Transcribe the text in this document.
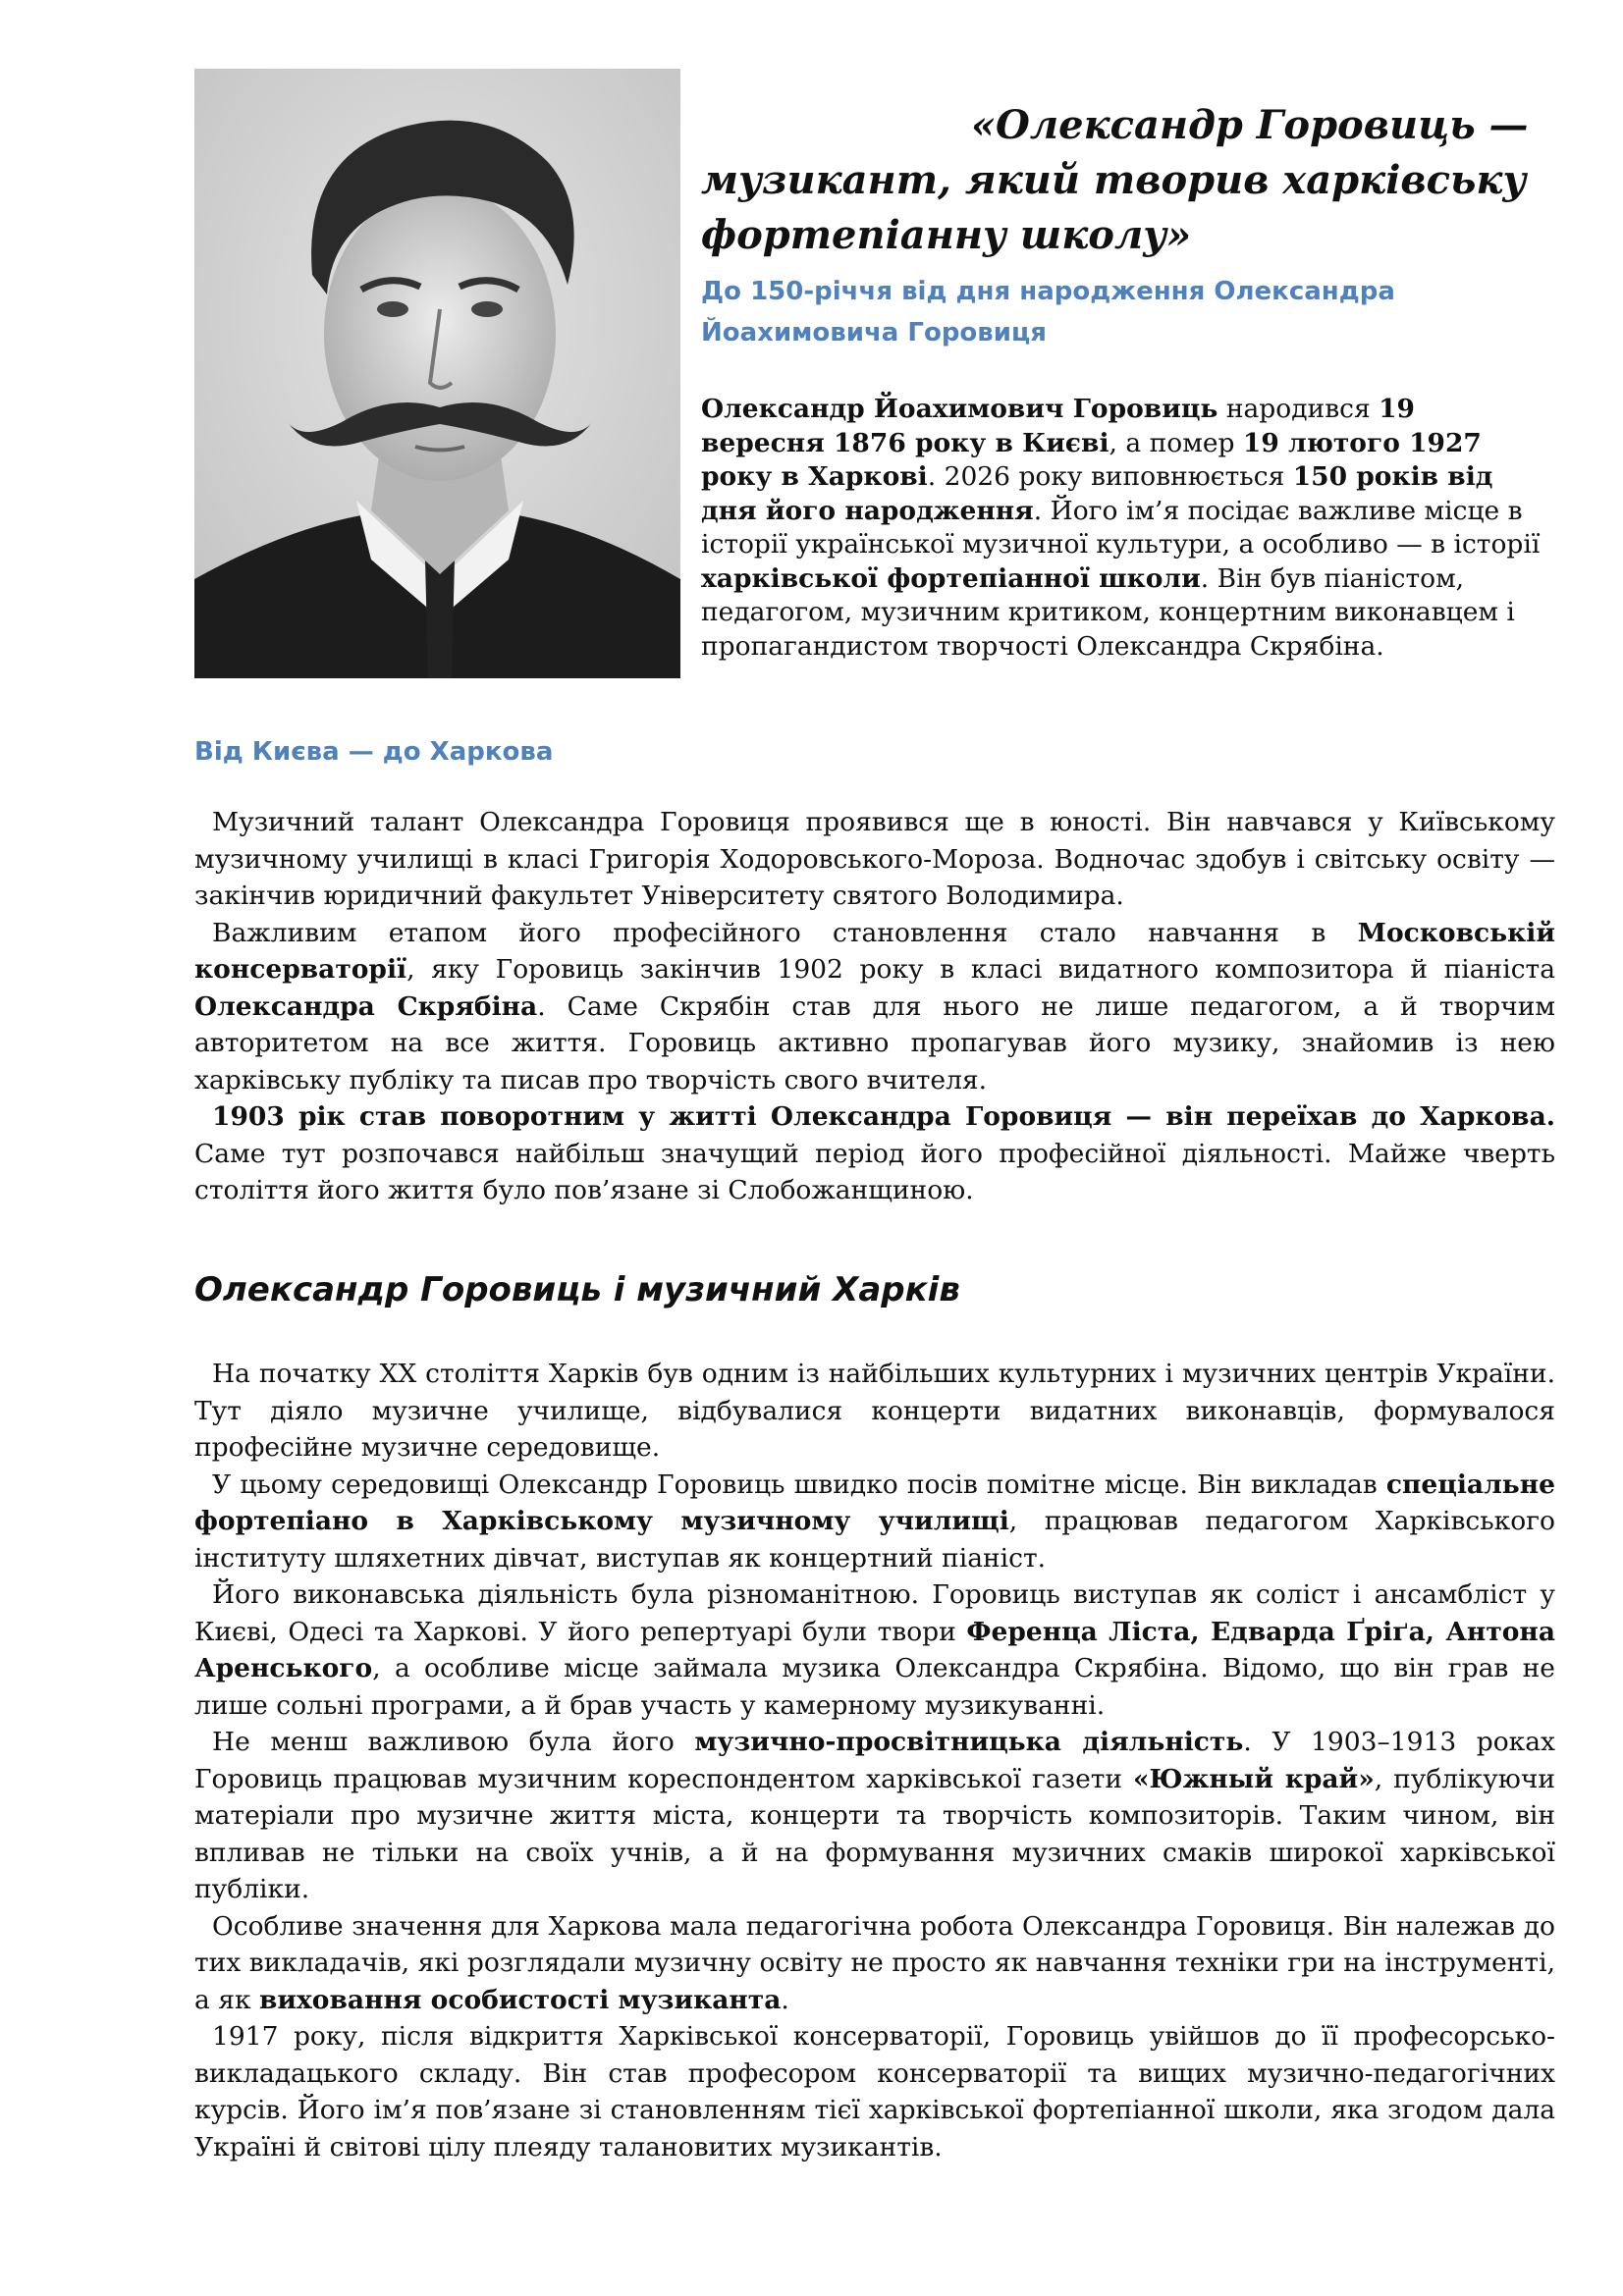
«Олександр Горовиць —
музикант, який творив харківську
фортепіанну школу»
До 150-річчя від дня народження Олександра
Йоахимовича Горовиця
Олександр Йоахимович Горовиць народився 19 вересня 1876 року в Києві, а помер 19 лютого 1927 року в Харкові. 2026 року виповнюється 150 років від дня його народження. Його ім’я посідає важливе місце в історії української музичної культури, а особливо — в історії харківської фортепіанної школи. Він був піаністом, педагогом, музичним критиком, концертним виконавцем і пропагандистом творчості Олександра Скрябіна.
Від Києва — до Харкова

Музичний талант Олександра Горовиця проявився ще в юності. Він навчався у Київському музичному училищі в класі Григорія Ходоровського-Мороза. Водночас здобув і світську освіту — закінчив юридичний факультет Університету святого Володимира.

Важливим етапом його професійного становлення стало навчання в Московській консерваторії, яку Горовиць закінчив 1902 року в класі видатного композитора й піаніста Олександра Скрябіна. Саме Скрябін став для нього не лише педагогом, а й творчим авторитетом на все життя. Горовиць активно пропагував його музику, знайомив із нею харківську публіку та писав про творчість свого вчителя.

1903 рік став поворотним у житті Олександра Горовиця — він переїхав до Харкова. Саме тут розпочався найбільш значущий період його професійної діяльності. Майже чверть століття його життя було пов’язане зі Слобожанщиною.

Олександр Горовиць і музичний Харків

На початку XX століття Харків був одним із найбільших культурних і музичних центрів України. Тут діяло музичне училище, відбувалися концерти видатних виконавців, формувалося професійне музичне середовище.

У цьому середовищі Олександр Горовиць швидко посів помітне місце. Він викладав спеціальне фортепіано в Харківському музичному училищі, працював педагогом Харківського інституту шляхетних дівчат, виступав як концертний піаніст.

Його виконавська діяльність була різноманітною. Горовиць виступав як соліст і ансамбліст у Києві, Одесі та Харкові. У його репертуарі були твори Ференца Ліста, Едварда Ґріґа, Антона Аренського, а особливе місце займала музика Олександра Скрябіна. Відомо, що він грав не лише сольні програми, а й брав участь у камерному музикуванні.

Не менш важливою була його музично-просвітницька діяльність. У 1903–1913 роках Горовиць працював музичним кореспондентом харківської газети «Южный край», публікуючи матеріали про музичне життя міста, концерти та творчість композиторів. Таким чином, він впливав не тільки на своїх учнів, а й на формування музичних смаків широкої харківської публіки.

Особливе значення для Харкова мала педагогічна робота Олександра Горовиця. Він належав до тих викладачів, які розглядали музичну освіту не просто як навчання техніки гри на інструменті, а як виховання особистості музиканта.

1917 року, після відкриття Харківської консерваторії, Горовиць увійшов до її професорсько-викладацького складу. Він став професором консерваторії та вищих музично-педагогічних курсів. Його ім’я пов’язане зі становленням тієї харківської фортепіанної школи, яка згодом дала Україні й світові цілу плеяду талановитих музикантів.
